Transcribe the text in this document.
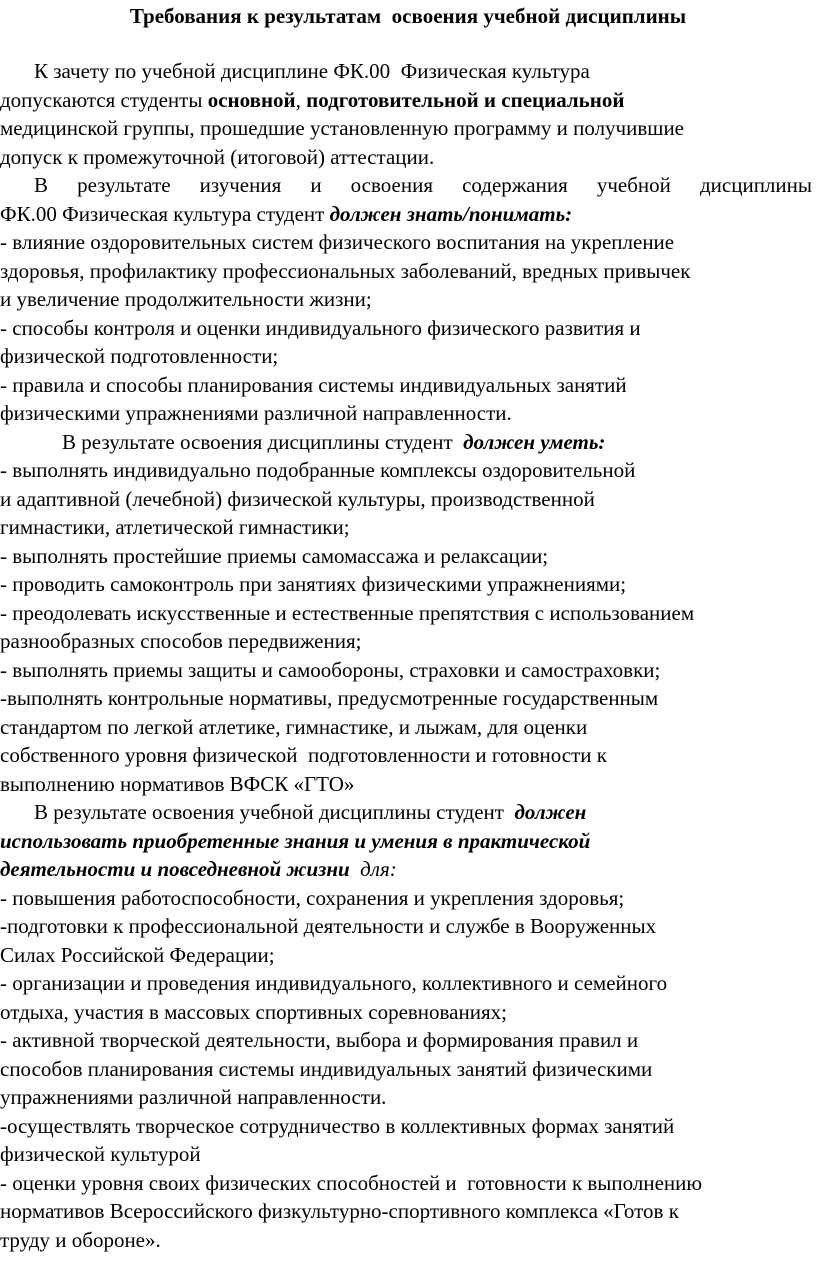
Требования к результатам  освоения учебной дисциплины

К зачету по учебной дисциплине ФК.00  Физическая культура

допускаются студенты основной, подготовительной и специальной

медицинской группы, прошедшие установленную программу и получившие

допуск к промежуточной (итоговой) аттестации.

В результате изучения и освоения содержания учебной дисциплины

ФК.00 Физическая культура студент должен знать/понимать:

- влияние оздоровительных систем физического воспитания на укрепление

здоровья, профилактику профессиональных заболеваний, вредных привычек

и увеличение продолжительности жизни;

- способы контроля и оценки индивидуального физического развития и

физической подготовленности;

- правила и способы планирования системы индивидуальных занятий

физическими упражнениями различной направленности.

В результате освоения дисциплины студент  должен уметь:

- выполнять индивидуально подобранные комплексы оздоровительной

и адаптивной (лечебной) физической культуры, производственной

гимнастики, атлетической гимнастики;

- выполнять простейшие приемы самомассажа и релаксации;

- проводить самоконтроль при занятиях физическими упражнениями;

- преодолевать искусственные и естественные препятствия с использованием

разнообразных способов передвижения;

- выполнять приемы защиты и самообороны, страховки и самостраховки;

-выполнять контрольные нормативы, предусмотренные государственным

стандартом по легкой атлетике, гимнастике, и лыжам, для оценки

собственного уровня физической  подготовленности и готовности к

выполнению нормативов ВФСК «ГТО»

В результате освоения учебной дисциплины студент  должен

использовать приобретенные знания и умения в практической

деятельности и повседневной жизни  для:

- повышения работоспособности, сохранения и укрепления здоровья;

-подготовки к профессиональной деятельности и службе в Вооруженных

Силах Российской Федерации;

- организации и проведения индивидуального, коллективного и семейного

отдыха, участия в массовых спортивных соревнованиях;

- активной творческой деятельности, выбора и формирования правил и

способов планирования системы индивидуальных занятий физическими

упражнениями различной направленности.

-осуществлять творческое сотрудничество в коллективных формах занятий

физической культурой

- оценки уровня своих физических способностей и  готовности к выполнению

нормативов Всероссийского физкультурно-спортивного комплекса «Готов к

труду и обороне».
